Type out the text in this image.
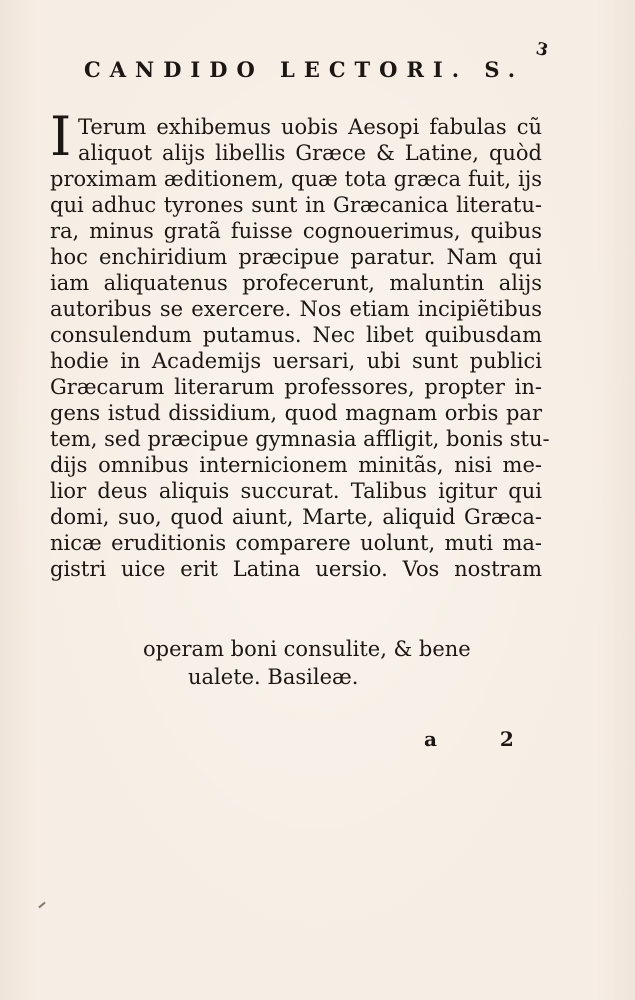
3
CANDIDO LECTORI. S.
I Terum exhibemus uobis Aesopi fabulas cũ
aliquot alijs libellis Græce & Latine, quòd
proximam æditionem, quæ tota græca fuit, ijs
qui adhuc tyrones sunt in Græcanica literatu-
ra, minus gratã fuisse cognouerimus, quibus
hoc enchiridium præcipue paratur. Nam qui
iam aliquatenus profecerunt, maluntin alijs
autoribus se exercere. Nos etiam incipiẽtibus
consulendum putamus. Nec libet quibusdam
hodie in Academijs uersari, ubi sunt publici
Græcarum literarum professores, propter in-
gens istud dissidium, quod magnam orbis par
tem, sed præcipue gymnasia affligit, bonis stu-
dijs omnibus internicionem minitãs, nisi me-
lior deus aliquis succurat. Talibus igitur qui
domi, suo, quod aiunt, Marte, aliquid Græca-
nicæ eruditionis comparere uolunt, muti ma-
gistri uice erit Latina uersio. Vos nostram
operam boni consulite, & bene
ualete. Basileæ.
a 2
